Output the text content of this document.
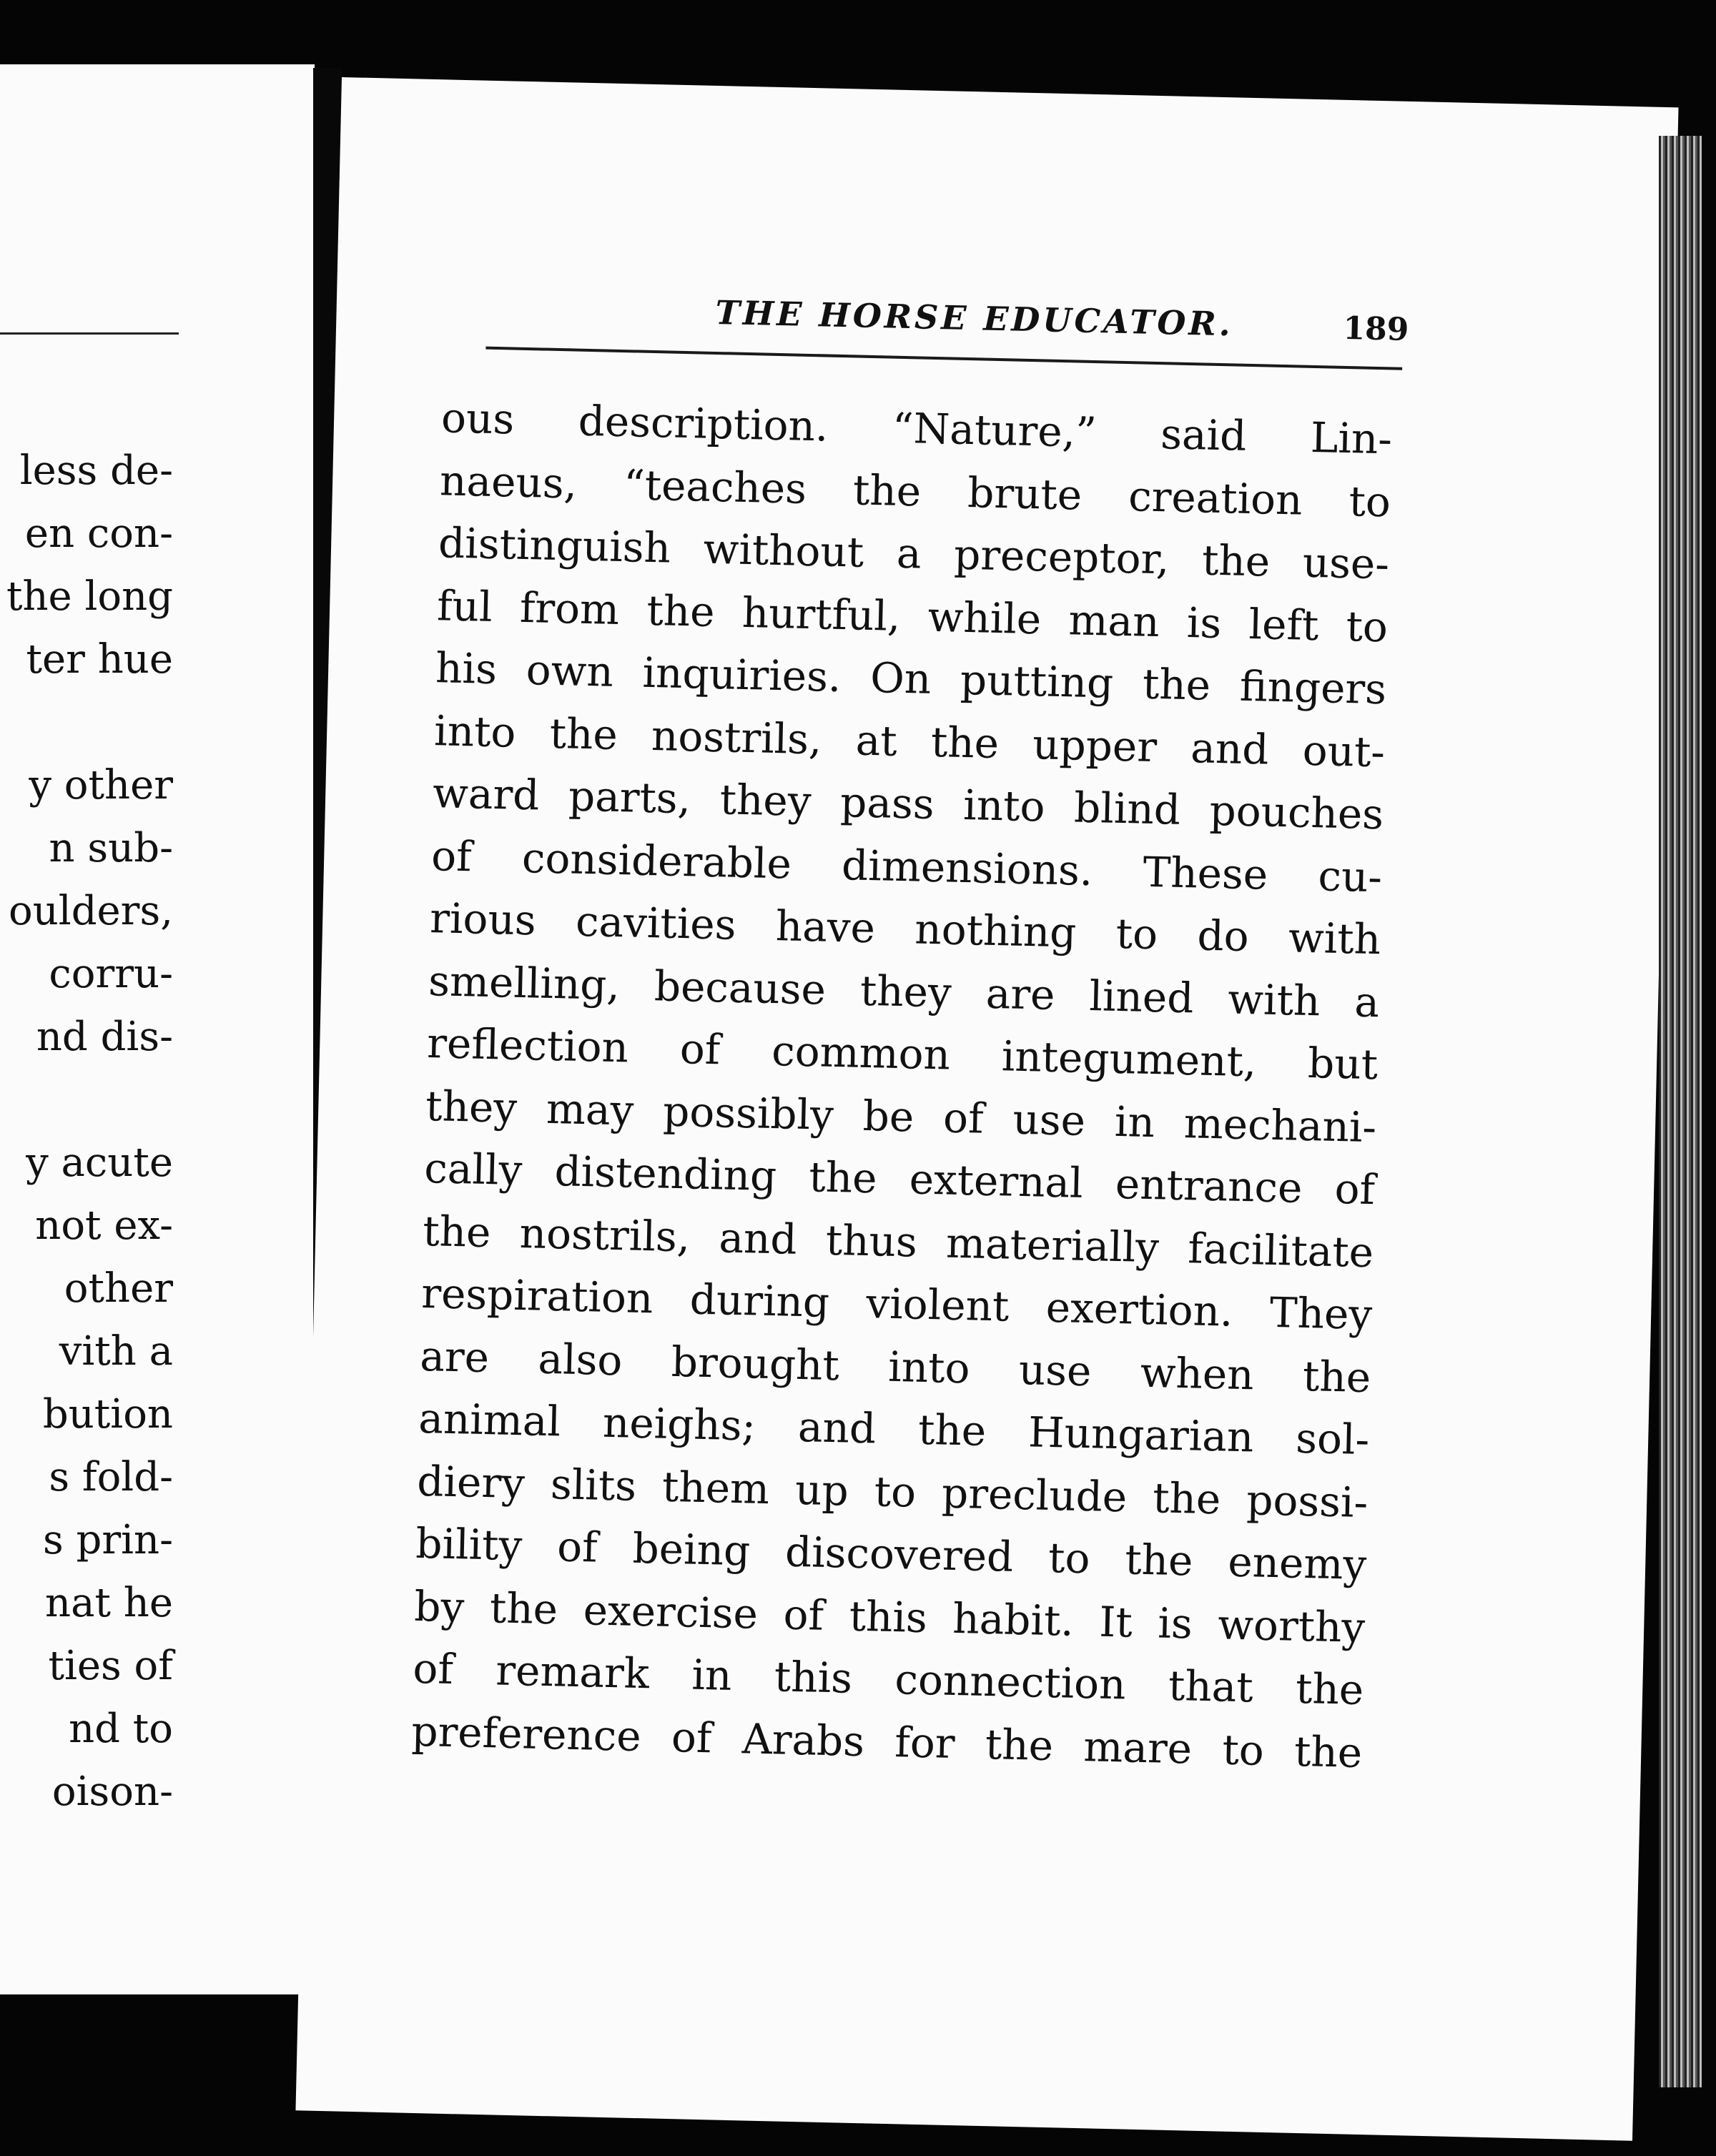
less de-
en con-
the long
ter hue
y other
n sub-
oulders,
corru-
nd dis-
y acute
not ex-
other
vith a
bution
s fold-
s prin-
nat he
ties of
nd to
oison-
THE HORSE EDUCATOR.	189
ous description. “Nature,” said Lin-
naeus, “teaches the brute creation to
distinguish without a preceptor, the use-
ful from the hurtful, while man is left to
his own inquiries. On putting the fingers
into the nostrils, at the upper and out-
ward parts, they pass into blind pouches
of considerable dimensions. These cu-
rious cavities have nothing to do with
smelling, because they are lined with a
reflection of common integument, but
they may possibly be of use in mechani-
cally distending the external entrance of
the nostrils, and thus materially facilitate
respiration during violent exertion. They
are also brought into use when the
animal neighs; and the Hungarian sol-
diery slits them up to preclude the possi-
bility of being discovered to the enemy
by the exercise of this habit. It is worthy
of remark in this connection that the
preference of Arabs for the mare to the
